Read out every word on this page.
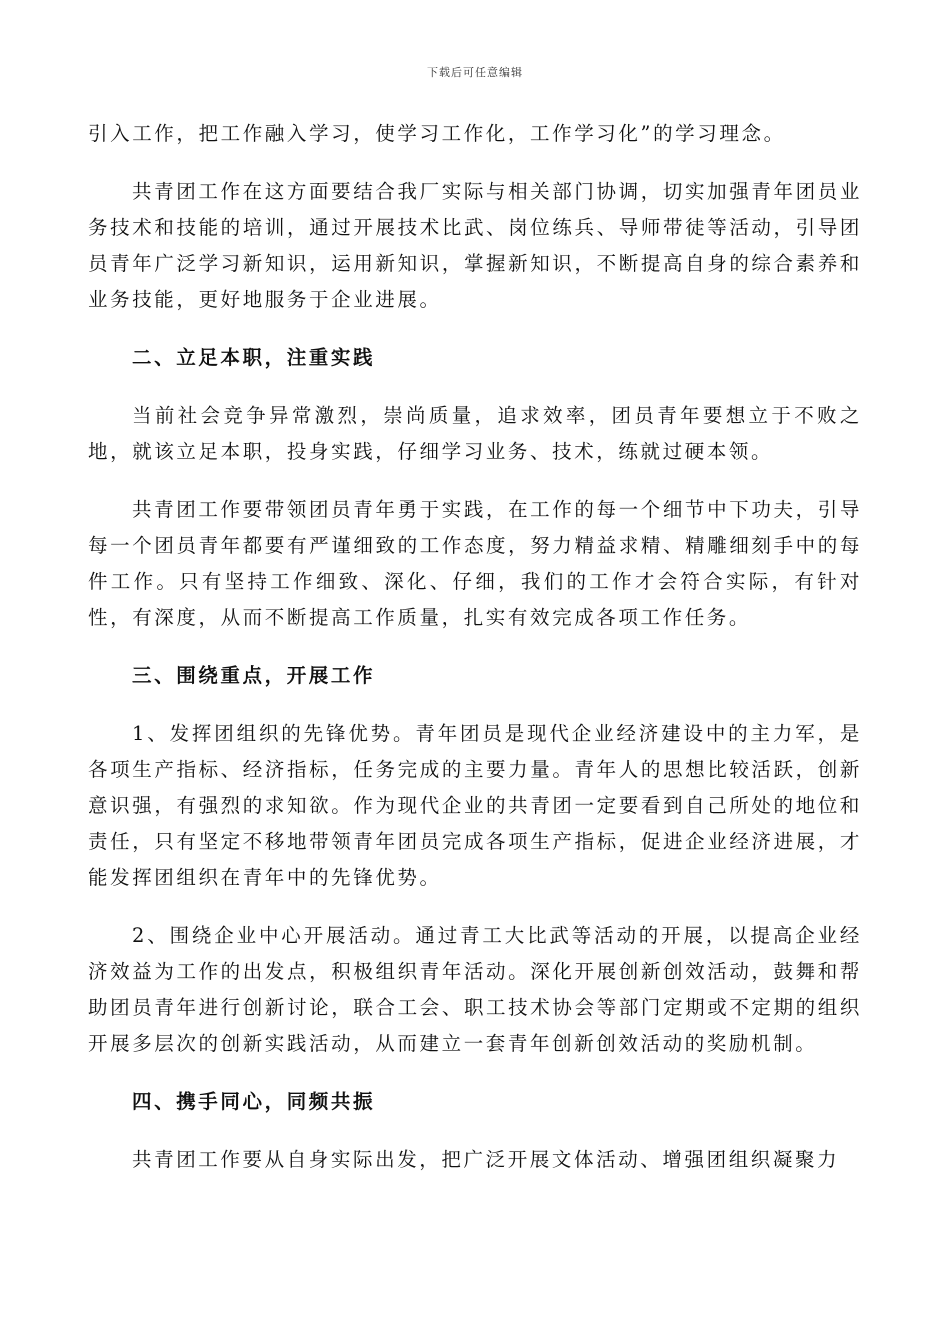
下载后可任意编辑

引入工作，把工作融入学习，使学习工作化，工作学习化”的学习理念。

共青团工作在这方面要结合我厂实际与相关部门协调，切实加强青年团员业务技术和技能的培训，通过开展技术比武、岗位练兵、导师带徒等活动，引导团员青年广泛学习新知识，运用新知识，掌握新知识，不断提高自身的综合素养和业务技能，更好地服务于企业进展。

二、立足本职，注重实践

当前社会竞争异常激烈，崇尚质量，追求效率，团员青年要想立于不败之地，就该立足本职，投身实践，仔细学习业务、技术，练就过硬本领。

共青团工作要带领团员青年勇于实践，在工作的每一个细节中下功夫，引导每一个团员青年都要有严谨细致的工作态度，努力精益求精、精雕细刻手中的每件工作。只有坚持工作细致、深化、仔细，我们的工作才会符合实际，有针对性，有深度，从而不断提高工作质量，扎实有效完成各项工作任务。

三、围绕重点，开展工作

1、发挥团组织的先锋优势。青年团员是现代企业经济建设中的主力军，是各项生产指标、经济指标，任务完成的主要力量。青年人的思想比较活跃，创新意识强，有强烈的求知欲。作为现代企业的共青团一定要看到自己所处的地位和责任，只有坚定不移地带领青年团员完成各项生产指标，促进企业经济进展，才能发挥团组织在青年中的先锋优势。

2、围绕企业中心开展活动。通过青工大比武等活动的开展，以提高企业经济效益为工作的出发点，积极组织青年活动。深化开展创新创效活动，鼓舞和帮助团员青年进行创新讨论，联合工会、职工技术协会等部门定期或不定期的组织开展多层次的创新实践活动，从而建立一套青年创新创效活动的奖励机制。

四、携手同心，同频共振

共青团工作要从自身实际出发，把广泛开展文体活动、增强团组织凝聚力
